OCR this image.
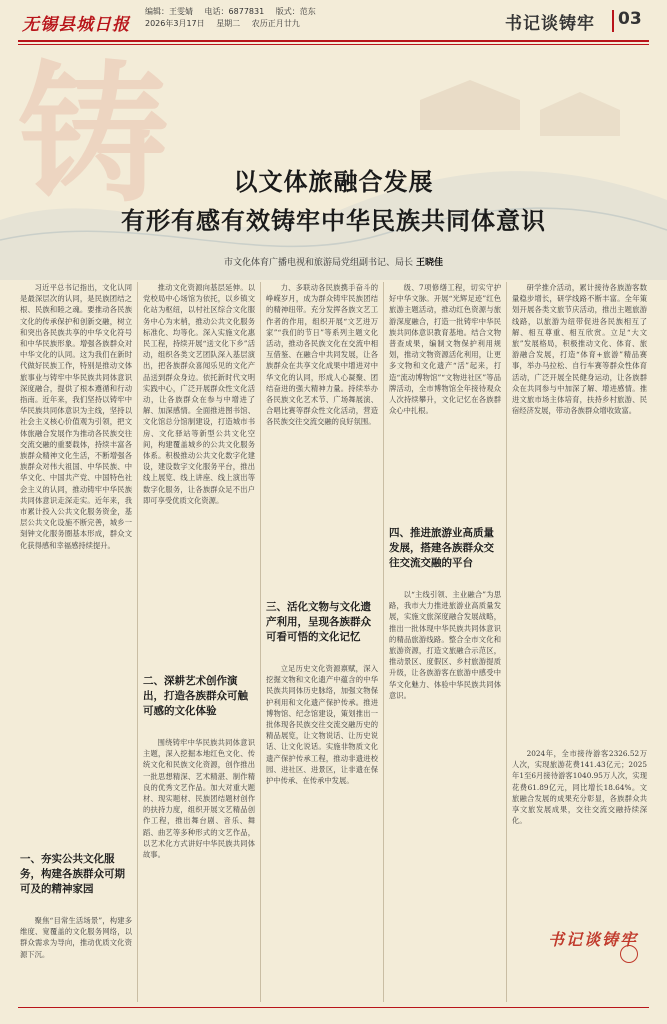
无锡县城日报
编辑：王雯婧 电话：6877831 版式：范东
2026年3月17日 星期二 农历正月廿九	书记谈铸牢 03
铸	以文体旅融合发展
有形有感有效铸牢中华民族共同体意识
市文化体育广播电视和旅游局党组副书记、局长 王晓佳

习近平总书记指出，文化认同是最深层次的认同，是民族团结之根、民族和睦之魂。要推动各民族文化的传承保护和创新交融，树立和突出各民族共享的中华文化符号和中华民族形象。增强各族群众对中华文化的认同。这为我们在新时代做好民族工作，特别是推动文体旅事业与铸牢中华民族共同体意识深度融合，提供了根本遵循和行动指南。近年来，我们坚持以铸牢中华民族共同体意识为主线，坚持以社会主义核心价值观为引领，把文体旅融合发展作为推动各民族交往交流交融的重要载体，持续丰富各族群众精神文化生活，不断增强各族群众对伟大祖国、中华民族、中华文化、中国共产党、中国特色社会主义的认同，推动铸牢中华民族共同体意识走深走实。近年来，我市累计投入公共文化服务资金，基层公共文化设施不断完善，城乡一刻钟文化服务圈基本形成，群众文化获得感和幸福感持续提升。

一、夯实公共文化服务，构建各族群众可期可及的精神家园

聚焦“目常生活场景”，构建多维度、宽覆盖的文化服务网络，以群众需求为导向，推动优质文化资源下沉。

推动文化资源向基层延伸。以党校局中心场馆为依托，以乡镇文化站为枢纽，以村社区综合文化服务中心为末梢，推动公共文化服务标准化、均等化。深入实施文化惠民工程，持续开展“送文化下乡”活动，组织各类文艺团队深入基层演出，把各族群众喜闻乐见的文化产品送到群众身边。依托新时代文明实践中心，广泛开展群众性文化活动，让各族群众在参与中增进了解、加深感情。全面推进图书馆、文化馆总分馆制建设，打造城市书房、文化驿站等新型公共文化空间，构建覆盖城乡的公共文化服务体系。积极推动公共文化数字化建设，建设数字文化服务平台，推出线上展览、线上讲座、线上演出等数字化服务，让各族群众足不出户即可享受优质文化资源。

二、深耕艺术创作演出，打造各族群众可触可感的文化体验

围绕铸牢中华民族共同体意识主题，深入挖掘本地红色文化、传统文化和民族文化资源，创作推出一批思想精深、艺术精湛、制作精良的优秀文艺作品。加大对重大题材、现实题材、民族团结题材创作的扶持力度，组织开展文艺精品创作工程，推出舞台剧、音乐、舞蹈、曲艺等多种形式的文艺作品，以艺术化方式讲好中华民族共同体故事。

力、多联动各民族携手奋斗的峥嵘岁月，成为群众铸牢民族团结的精神纽带。充分发挥各族文艺工作者的作用，组织开展“文艺进万家”“我们的节日”等系列主题文化活动，推动各民族文化在交流中相互借鉴、在融合中共同发展，让各族群众在共享文化成果中增进对中华文化的认同，形成人心凝聚、团结奋进的强大精神力量。持续举办各民族文化艺术节、广场舞展演、合唱比赛等群众性文化活动，营造各民族交往交流交融的良好氛围。

三、活化文物与文化遗产利用，呈现各族群众可看可悟的文化记忆

立足历史文化资源禀赋，深入挖掘文物和文化遗产中蕴含的中华民族共同体历史脉络，加强文物保护利用和文化遗产保护传承。推进博物馆、纪念馆建设，策划推出一批体现各民族交往交流交融历史的精品展览，让文物说话、让历史说话、让文化说话。实施非物质文化遗产保护传承工程，推动非遗进校园、进社区、进景区，让非遗在保护中传承、在传承中发展。

级、7项修缮工程，切实守护好中华文脉。开展“光辉足迹”红色旅游主题活动，推动红色资源与旅游深度融合，打造一批铸牢中华民族共同体意识教育基地。结合文物普查成果，编制文物保护利用规划，推动文物资源活化利用，让更多文物和文化遗产“活”起来，打造“流动博物馆”“文物进社区”等品牌活动，全市博物馆全年接待观众人次持续攀升，文化记忆在各族群众心中扎根。

四、推进旅游业高质量发展，搭建各族群众交往交流交融的平台

以“主线引领、主业融合”为思路，我市大力推进旅游业高质量发展，实施文旅深度融合发展战略，推出一批体现中华民族共同体意识的精品旅游线路。整合全市文化和旅游资源，打造文旅融合示范区，推动景区、度假区、乡村旅游提质升级，让各族游客在旅游中感受中华文化魅力、体验中华民族共同体意识。

研学推介活动，累计接待各族游客数量稳步增长，研学线路不断丰富。全年策划开展各类文旅节庆活动，推出主题旅游线路，以旅游为纽带促进各民族相互了解、相互尊重、相互欣赏。立足“大文旅”发展格局，积极推动文化、体育、旅游融合发展，打造“体育+旅游”精品赛事，举办马拉松、自行车赛等群众性体育活动，广泛开展全民健身运动，让各族群众在共同参与中加深了解、增进感情。推进文旅市场主体培育，扶持乡村旅游、民宿经济发展，带动各族群众增收致富。

2024年，全市接待游客2326.52万人次，实现旅游花费141.43亿元；2025年1至6月接待游客1040.95万人次，实现花费61.89亿元，同比增长18.64%。文旅融合发展的成果充分彰显，各族群众共享文旅发展成果，交往交流交融持续深化。

书记谈铸牢
